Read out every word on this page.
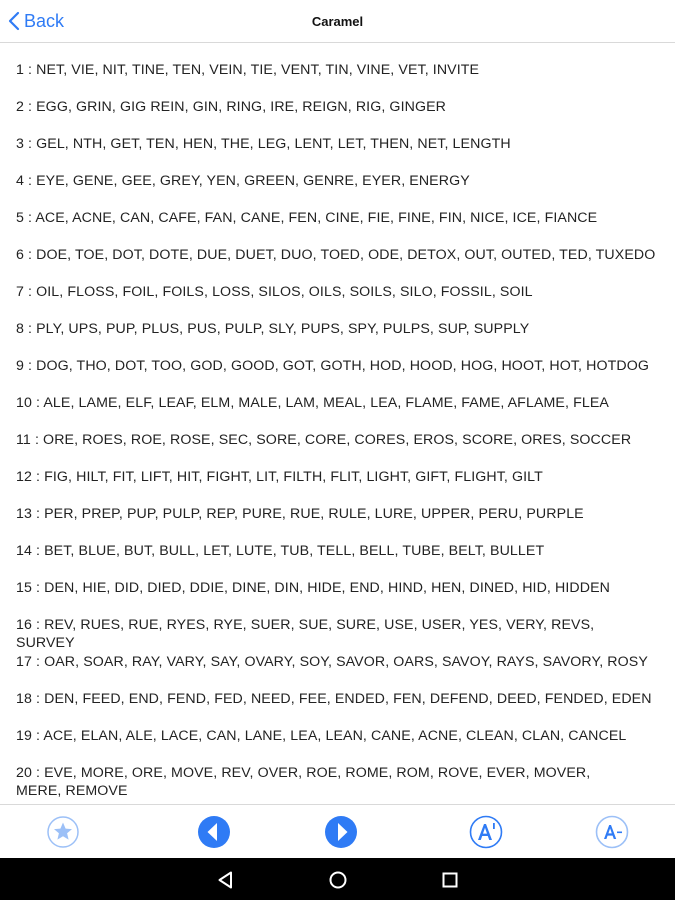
Back	Caramel
1 : NET, VIE, NIT, TINE, TEN, VEIN, TIE, VENT, TIN, VINE, VET, INVITE
2 : EGG, GRIN, GIG REIN, GIN, RING, IRE, REIGN, RIG, GINGER
3 : GEL, NTH, GET, TEN, HEN, THE, LEG, LENT, LET, THEN, NET, LENGTH
4 : EYE, GENE, GEE, GREY, YEN, GREEN, GENRE, EYER, ENERGY
5 : ACE, ACNE, CAN, CAFE, FAN, CANE, FEN, CINE, FIE, FINE, FIN, NICE, ICE, FIANCE
6 : DOE, TOE, DOT, DOTE, DUE, DUET, DUO, TOED, ODE, DETOX, OUT, OUTED, TED, TUXEDO
7 : OIL, FLOSS, FOIL, FOILS, LOSS, SILOS, OILS, SOILS, SILO, FOSSIL, SOIL
8 : PLY, UPS, PUP, PLUS, PUS, PULP, SLY, PUPS, SPY, PULPS, SUP, SUPPLY
9 : DOG, THO, DOT, TOO, GOD, GOOD, GOT, GOTH, HOD, HOOD, HOG, HOOT, HOT, HOTDOG
10 : ALE, LAME, ELF, LEAF, ELM, MALE, LAM, MEAL, LEA, FLAME, FAME, AFLAME, FLEA
11 : ORE, ROES, ROE, ROSE, SEC, SORE, CORE, CORES, EROS, SCORE, ORES, SOCCER
12 : FIG, HILT, FIT, LIFT, HIT, FIGHT, LIT, FILTH, FLIT, LIGHT, GIFT, FLIGHT, GILT
13 : PER, PREP, PUP, PULP, REP, PURE, RUE, RULE, LURE, UPPER, PERU, PURPLE
14 : BET, BLUE, BUT, BULL, LET, LUTE, TUB, TELL, BELL, TUBE, BELT, BULLET
15 : DEN, HIE, DID, DIED, DDIE, DINE, DIN, HIDE, END, HIND, HEN, DINED, HID, HIDDEN
16 : REV, RUES, RUE, RYES, RYE, SUER, SUE, SURE, USE, USER, YES, VERY, REVS, SURVEY
17 : OAR, SOAR, RAY, VARY, SAY, OVARY, SOY, SAVOR, OARS, SAVOY, RAYS, SAVORY, ROSY
18 : DEN, FEED, END, FEND, FED, NEED, FEE, ENDED, FEN, DEFEND, DEED, FENDED, EDEN
19 : ACE, ELAN, ALE, LACE, CAN, LANE, LEA, LEAN, CANE, ACNE, CLEAN, CLAN, CANCEL
20 : EVE, MORE, ORE, MOVE, REV, OVER, ROE, ROME, ROM, ROVE, EVER, MOVER, MERE, REMOVE
